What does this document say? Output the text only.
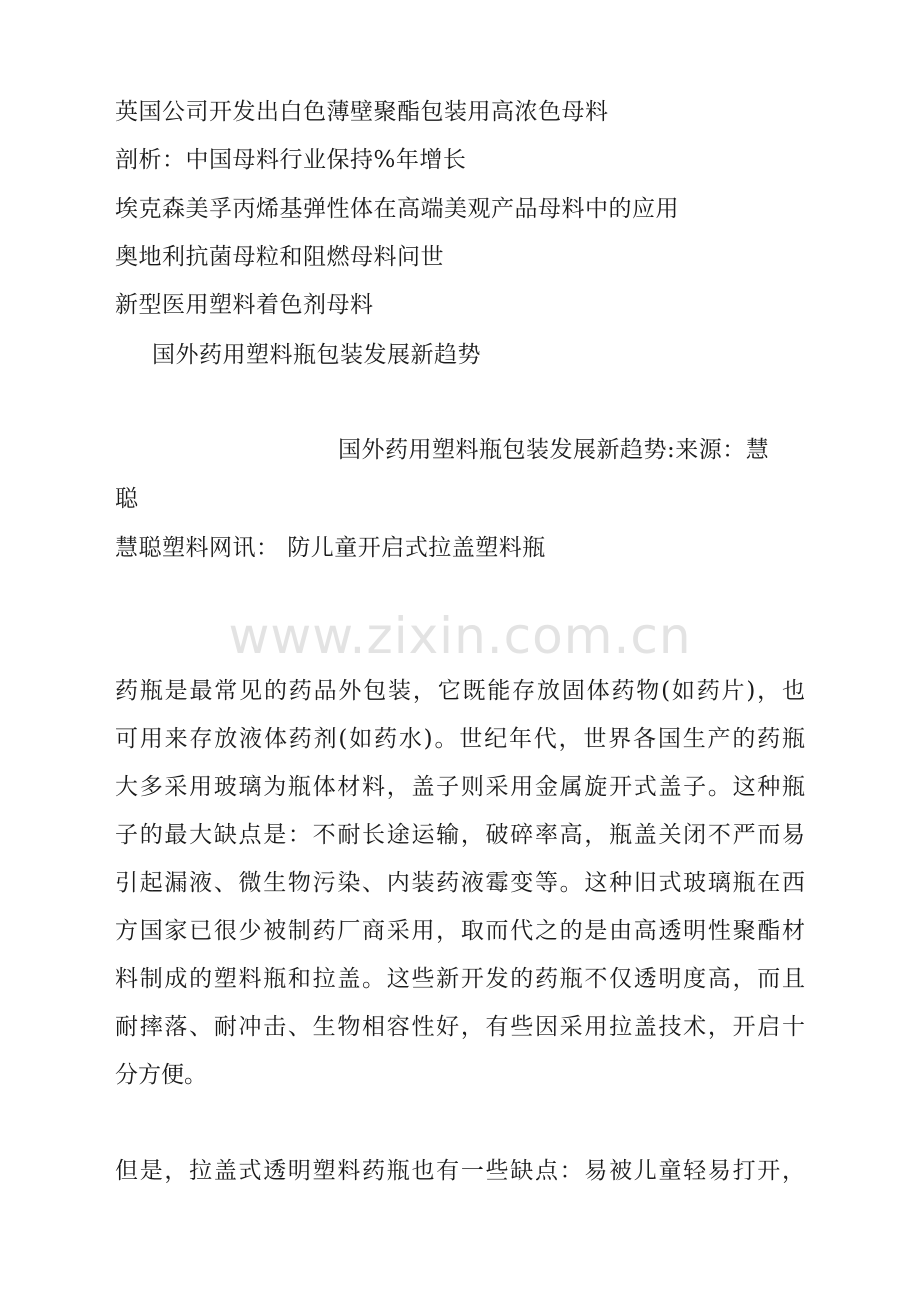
英国公司开发出白色薄壁聚酯包装用高浓色母料
剖析：中国母料行业保持%年增长
埃克森美孚丙烯基弹性体在高端美观产品母料中的应用
奥地利抗菌母粒和阻燃母料问世
新型医用塑料着色剂母料
国外药用塑料瓶包装发展新趋势
国外药用塑料瓶包装发展新趋势:来源：慧
聪
慧聪塑料网讯： 防儿童开启式拉盖塑料瓶
www.zixin.com.cn
药瓶是最常见的药品外包装，它既能存放固体药物(如药片)，也
可用来存放液体药剂(如药水)。世纪年代，世界各国生产的药瓶
大多采用玻璃为瓶体材料，盖子则采用金属旋开式盖子。这种瓶
子的最大缺点是：不耐长途运输，破碎率高，瓶盖关闭不严而易
引起漏液、微生物污染、内装药液霉变等。这种旧式玻璃瓶在西
方国家已很少被制药厂商采用，取而代之的是由高透明性聚酯材
料制成的塑料瓶和拉盖。这些新开发的药瓶不仅透明度高，而且
耐摔落、耐冲击、生物相容性好，有些因采用拉盖技术，开启十
分方便。
但是，拉盖式透明塑料药瓶也有一些缺点：易被儿童轻易打开，
